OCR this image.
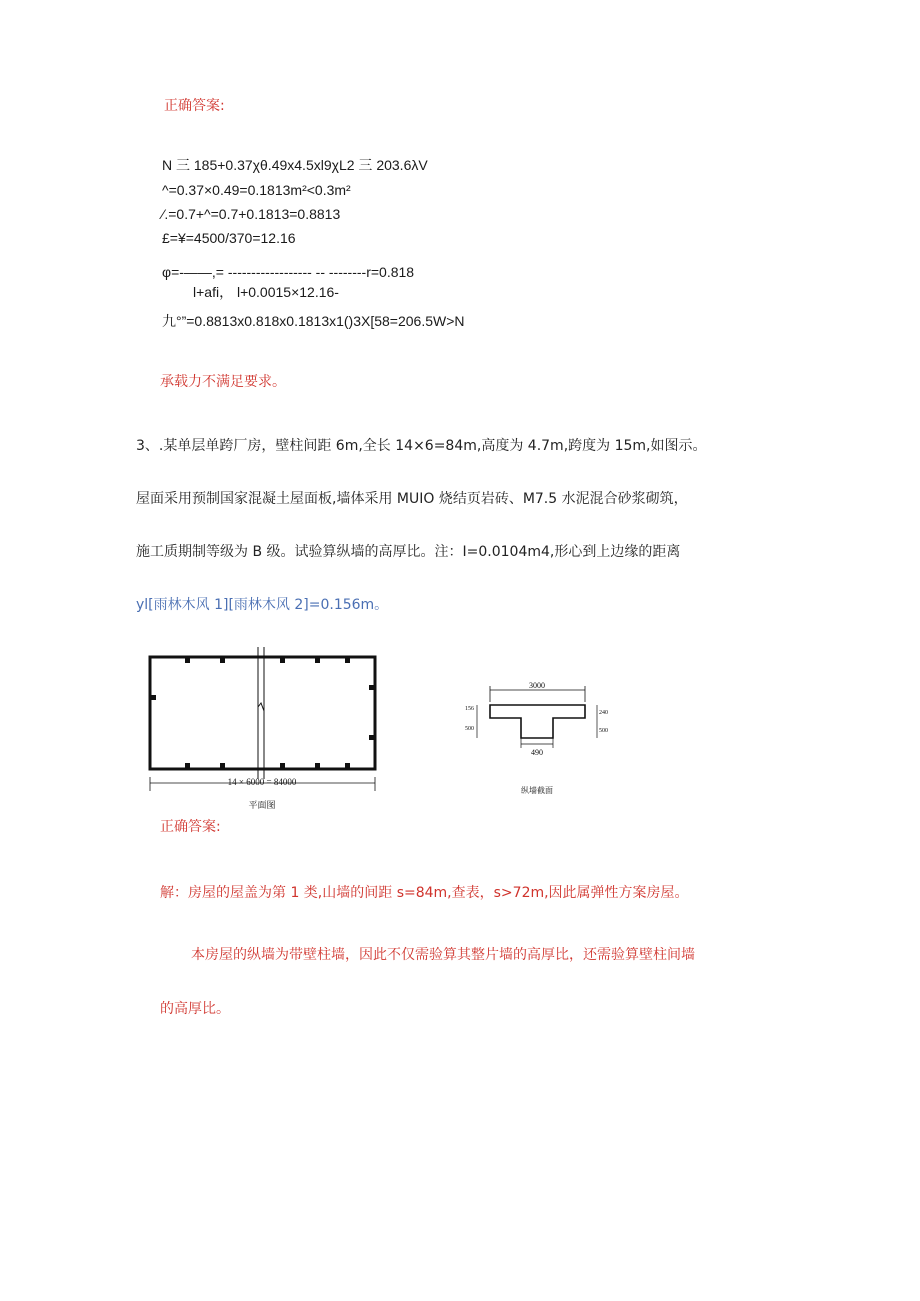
正确答案:
N 三 185+0.37χθ.49x4.5xl9χL2 三 203.6λV
^=0.37×0.49=0.1813m²<0.3m²
⁄.=0.7+^=0.7+0.1813=0.8813
£=¥=4500/370=12.16
φ=-——,= ------------------ -- --------r=0.818
l+afi， l+0.0015×12.16-
九°”=0.8813x0.818x0.1813x1()3X[58=206.5W>N
承载力不满足要求。
3、.某单层单跨厂房，壁柱间距 6m,全长 14×6=84m,高度为 4.7m,跨度为 15m,如图示。
屋面采用预制国家混凝土屋面板,墙体采用 MUIO 烧结页岩砖、M7.5 水泥混合砂浆砌筑，
施工质期制等级为 B 级。试验算纵墙的高厚比。注：I=0.0104m4,形心到上边缘的距离
yl[雨林木风 1][雨林木风 2]=0.156m。
14 × 6000 = 84000
平面图
3000
156
500
240
500
490
纵墙截面
正确答案:
解：房屋的屋盖为第 1 类,山墙的间距 s=84m,查表，s>72m,因此属弹性方案房屋。
本房屋的纵墙为带壁柱墙，因此不仅需验算其整片墙的高厚比，还需验算壁柱间墙
的高厚比。
